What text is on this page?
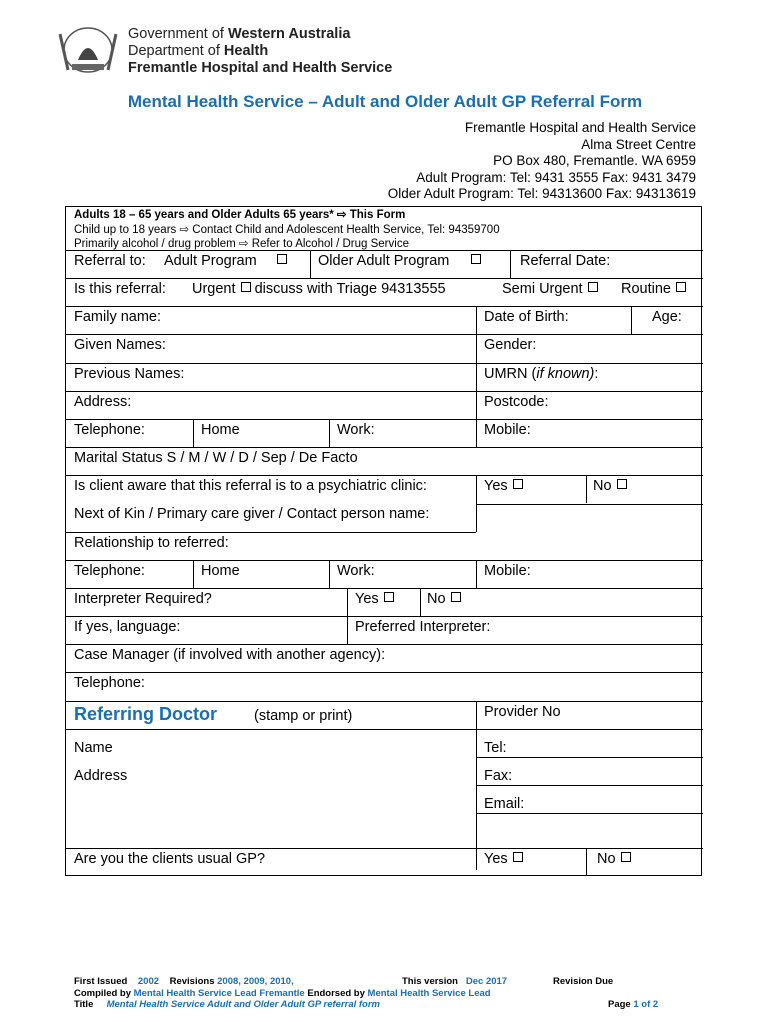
Government of Western Australia
Department of Health
Fremantle Hospital and Health Service
Mental Health Service – Adult and Older Adult GP Referral Form
Fremantle Hospital and Health Service
Alma Street Centre
PO Box 480, Fremantle. WA 6959
Adult Program: Tel: 9431 3555 Fax: 9431 3479
Older Adult Program: Tel: 94313600 Fax: 94313619
Adults 18 – 65 years and Older Adults 65 years* ⇨ This Form
Child up to 18 years ⇨ Contact Child and Adolescent Health Service, Tel: 94359700
Primarily alcohol / drug problem ⇨ Refer to Alcohol / Drug Service
Referral to: Adult Program	Older Adult Program	Referral Date:
Is this referral: Urgent discuss with Triage 94313555	Semi Urgent	Routine
Family name:	Date of Birth:	Age:
Given Names:	Gender:
Previous Names:	UMRN (if known):
Address:	Postcode:
Telephone:	Home	Work:	Mobile:
Marital Status S / M / W / D / Sep / De Facto
Is client aware that this referral is to a psychiatric clinic:	Yes	No
Next of Kin / Primary care giver / Contact person name:
Relationship to referred:
Telephone:	Home	Work:	Mobile:
Interpreter Required?	Yes	No
If yes, language:	Preferred Interpreter:
Case Manager (if involved with another agency):
Telephone:
Referring Doctor	(stamp or print)	Provider No
Name	Tel:
Address	Fax:
Email:
Are you the clients usual GP?	Yes	No
First Issued 2002 Revisions 2008, 2009, 2010,	This version Dec 2017	Revision Due
Compiled by Mental Health Service Lead Fremantle Endorsed by Mental Health Service Lead
Title Mental Health Service Adult and Older Adult GP referral form	Page 1 of 2
